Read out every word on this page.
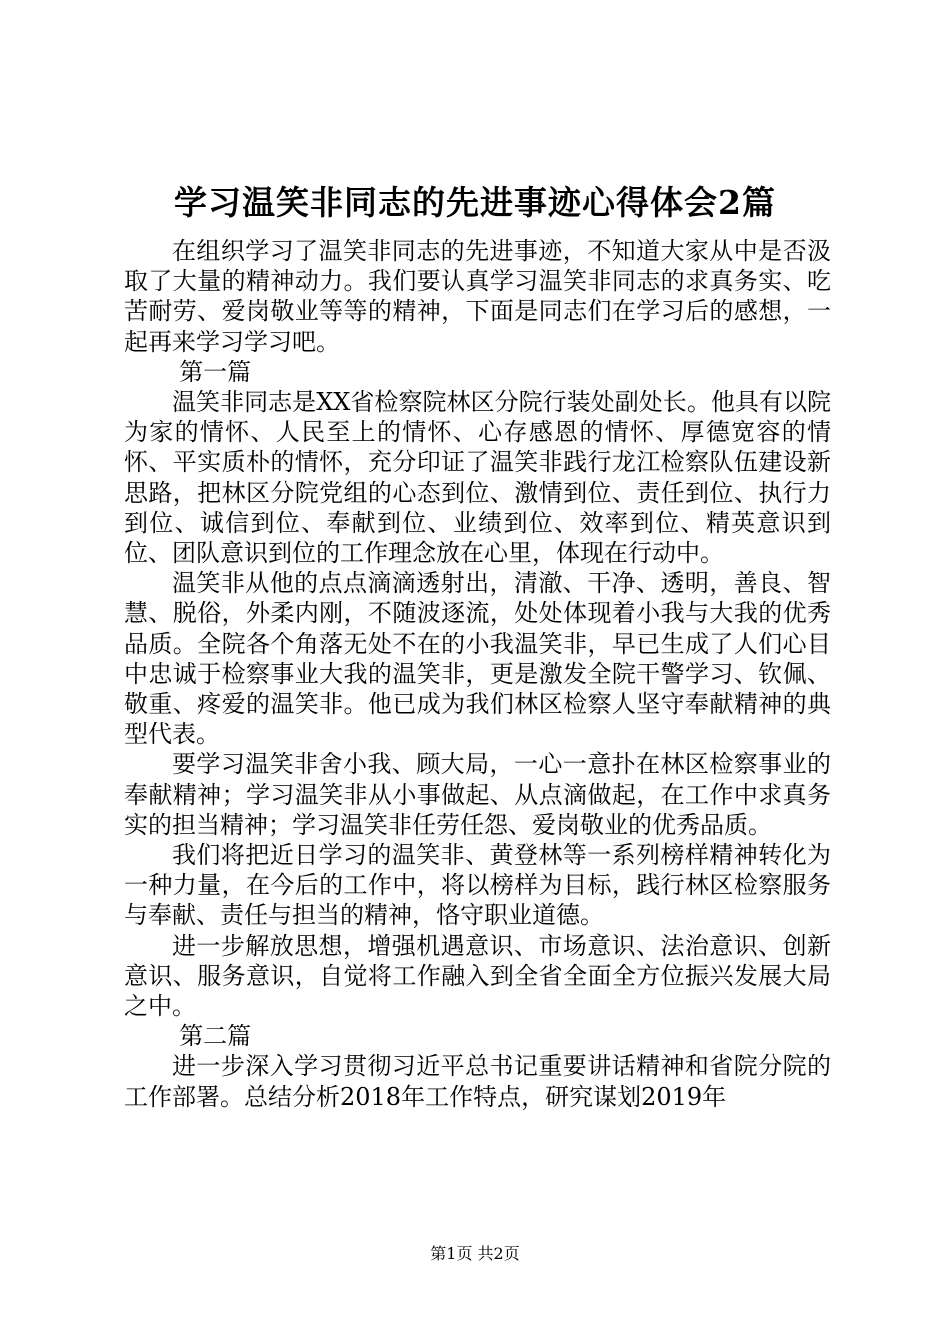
学习温笑非同志的先进事迹心得体会2篇

在组织学习了温笑非同志的先进事迹，不知道大家从中是否汲取了大量的精神动力。我们要认真学习温笑非同志的求真务实、吃苦耐劳、爱岗敬业等等的精神，下面是同志们在学习后的感想，一起再来学习学习吧。

第一篇

温笑非同志是XX省检察院林区分院行装处副处长。他具有以院为家的情怀、人民至上的情怀、心存感恩的情怀、厚德宽容的情怀、平实质朴的情怀，充分印证了温笑非践行龙江检察队伍建设新思路，把林区分院党组的心态到位、激情到位、责任到位、执行力到位、诚信到位、奉献到位、业绩到位、效率到位、精英意识到位、团队意识到位的工作理念放在心里，体现在行动中。

温笑非从他的点点滴滴透射出，清澈、干净、透明，善良、智慧、脱俗，外柔内刚，不随波逐流，处处体现着小我与大我的优秀品质。全院各个角落无处不在的小我温笑非，早已生成了人们心目中忠诚于检察事业大我的温笑非，更是激发全院干警学习、钦佩、敬重、疼爱的温笑非。他已成为我们林区检察人坚守奉献精神的典型代表。

要学习温笑非舍小我、顾大局，一心一意扑在林区检察事业的奉献精神；学习温笑非从小事做起、从点滴做起，在工作中求真务实的担当精神；学习温笑非任劳任怨、爱岗敬业的优秀品质。

我们将把近日学习的温笑非、黄登林等一系列榜样精神转化为一种力量，在今后的工作中，将以榜样为目标，践行林区检察服务与奉献、责任与担当的精神，恪守职业道德。

进一步解放思想，增强机遇意识、市场意识、法治意识、创新意识、服务意识，自觉将工作融入到全省全面全方位振兴发展大局之中。

第二篇

进一步深入学习贯彻习近平总书记重要讲话精神和省院分院的工作部署。总结分析2018年工作特点，研究谋划2019年

第1页 共2页
